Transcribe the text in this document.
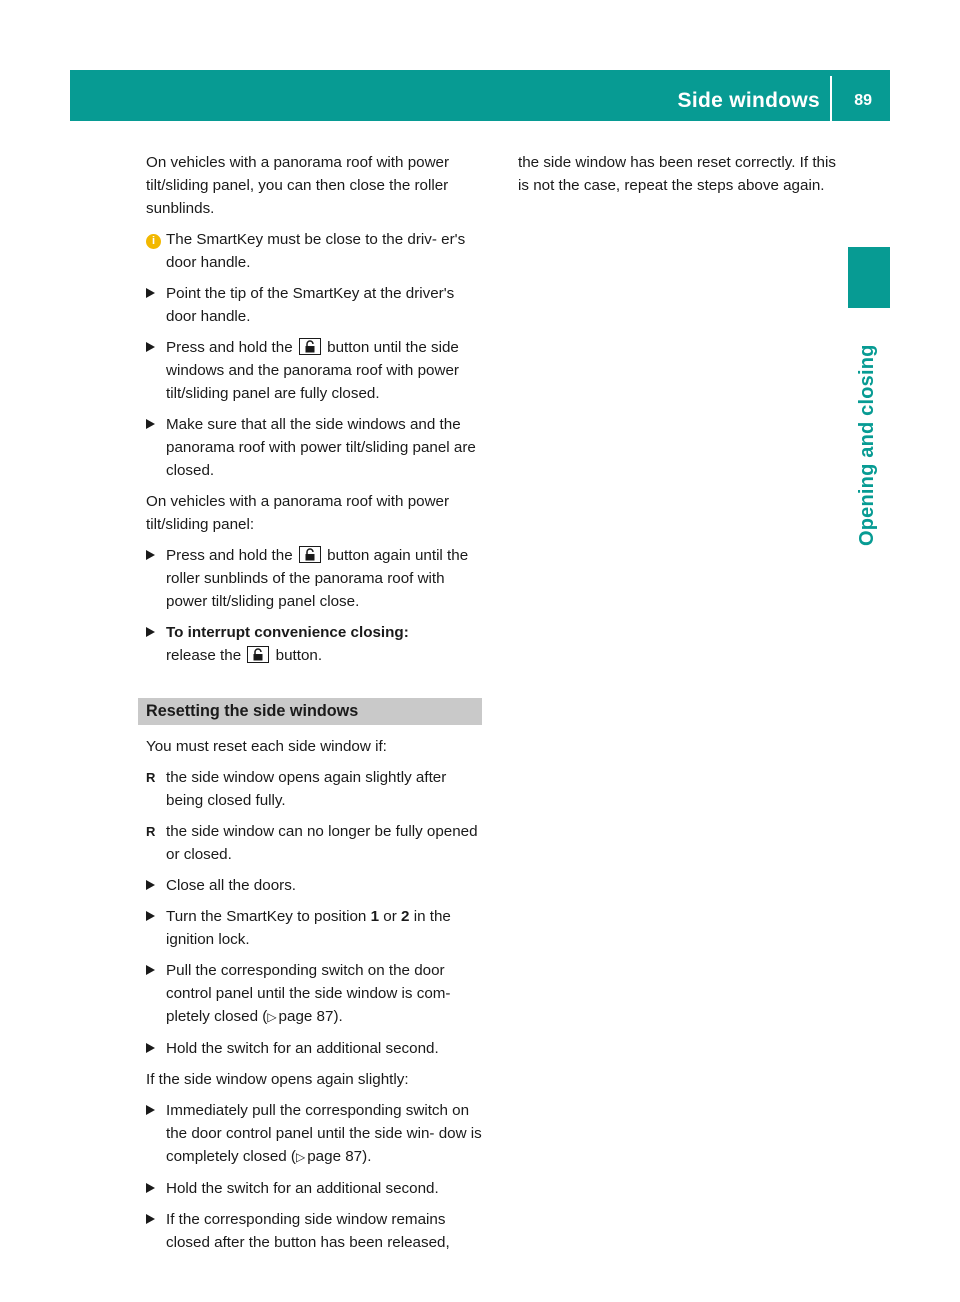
Side windows 89
Opening and closing

On vehicles with a panorama roof with power tilt/sliding panel, you can then close the roller sunblinds.

i The SmartKey must be close to the driv- er's door handle.
Point the tip of the SmartKey at the driver's door handle.
Press and hold the button until the side windows and the panorama roof with power tilt/sliding panel are fully closed.
Make sure that all the side windows and the panorama roof with power tilt/sliding panel are closed.

On vehicles with a panorama roof with power tilt/sliding panel:

Press and hold the button again until the roller sunblinds of the panorama roof with power tilt/sliding panel close.
To interrupt convenience closing:
release the button.
Resetting the side windows

You must reset each side window if:

R the side window opens again slightly after being closed fully.
R the side window can no longer be fully opened or closed.
Close all the doors.
Turn the SmartKey to position 1 or 2 in the ignition lock.
Pull the corresponding switch on the door control panel until the side window is com- pletely closed (▷ page 87).
Hold the switch for an additional second.

If the side window opens again slightly:

Immediately pull the corresponding switch on the door control panel until the side win- dow is completely closed (▷ page 87).
Hold the switch for an additional second.
If the corresponding side window remains closed after the button has been released,

the side window has been reset correctly. If this is not the case, repeat the steps above again.
